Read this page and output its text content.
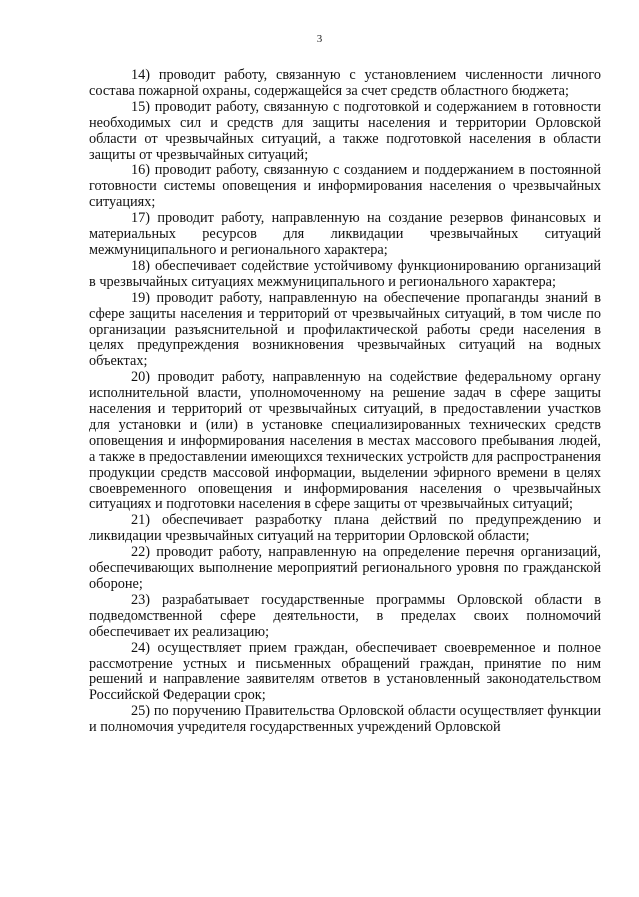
3

14) проводит работу, связанную с установлением численности личного состава пожарной охраны, содержащейся за счет средств областного бюджета;

15) проводит работу, связанную с подготовкой и содержанием в готовности необходимых сил и средств для защиты населения и территории Орловской области от чрезвычайных ситуаций, а также подготовкой населения в области защиты от чрезвычайных ситуаций;

16) проводит работу, связанную с созданием и поддержанием в постоянной готовности системы оповещения и информирования населения о чрезвычайных ситуациях;

17) проводит работу, направленную на создание резервов финансовых и материальных ресурсов для ликвидации чрезвычайных ситуаций межмуниципального и регионального характера;

18) обеспечивает содействие устойчивому функционированию организаций в чрезвычайных ситуациях межмуниципального и регионального характера;

19) проводит работу, направленную на обеспечение пропаганды знаний в сфере защиты населения и территорий от чрезвычайных ситуаций, в том числе по организации разъяснительной и профилактической работы среди населения в целях предупреждения возникновения чрезвычайных ситуаций на водных объектах;

20) проводит работу, направленную на содействие федеральному органу исполнительной власти, уполномоченному на решение задач в сфере защиты населения и территорий от чрезвычайных ситуаций, в предоставлении участков для установки и (или) в установке специализированных технических средств оповещения и информирования населения в местах массового пребывания людей, а также в предоставлении имеющихся технических устройств для распространения продукции средств массовой информации, выделении эфирного времени в целях своевременного оповещения и информирования населения о чрезвычайных ситуациях и подготовки населения в сфере защиты от чрезвычайных ситуаций;

21) обеспечивает разработку плана действий по предупреждению и ликвидации чрезвычайных ситуаций на территории Орловской области;

22) проводит работу, направленную на определение перечня организаций, обеспечивающих выполнение мероприятий регионального уровня по гражданской обороне;

23) разрабатывает государственные программы Орловской области в подведомственной сфере деятельности, в пределах своих полномочий обеспечивает их реализацию;

24) осуществляет прием граждан, обеспечивает своевременное и полное рассмотрение устных и письменных обращений граждан, принятие по ним решений и направление заявителям ответов в установленный законодательством Российской Федерации срок;

25) по поручению Правительства Орловской области осуществляет функции и полномочия учредителя государственных учреждений Орловской
